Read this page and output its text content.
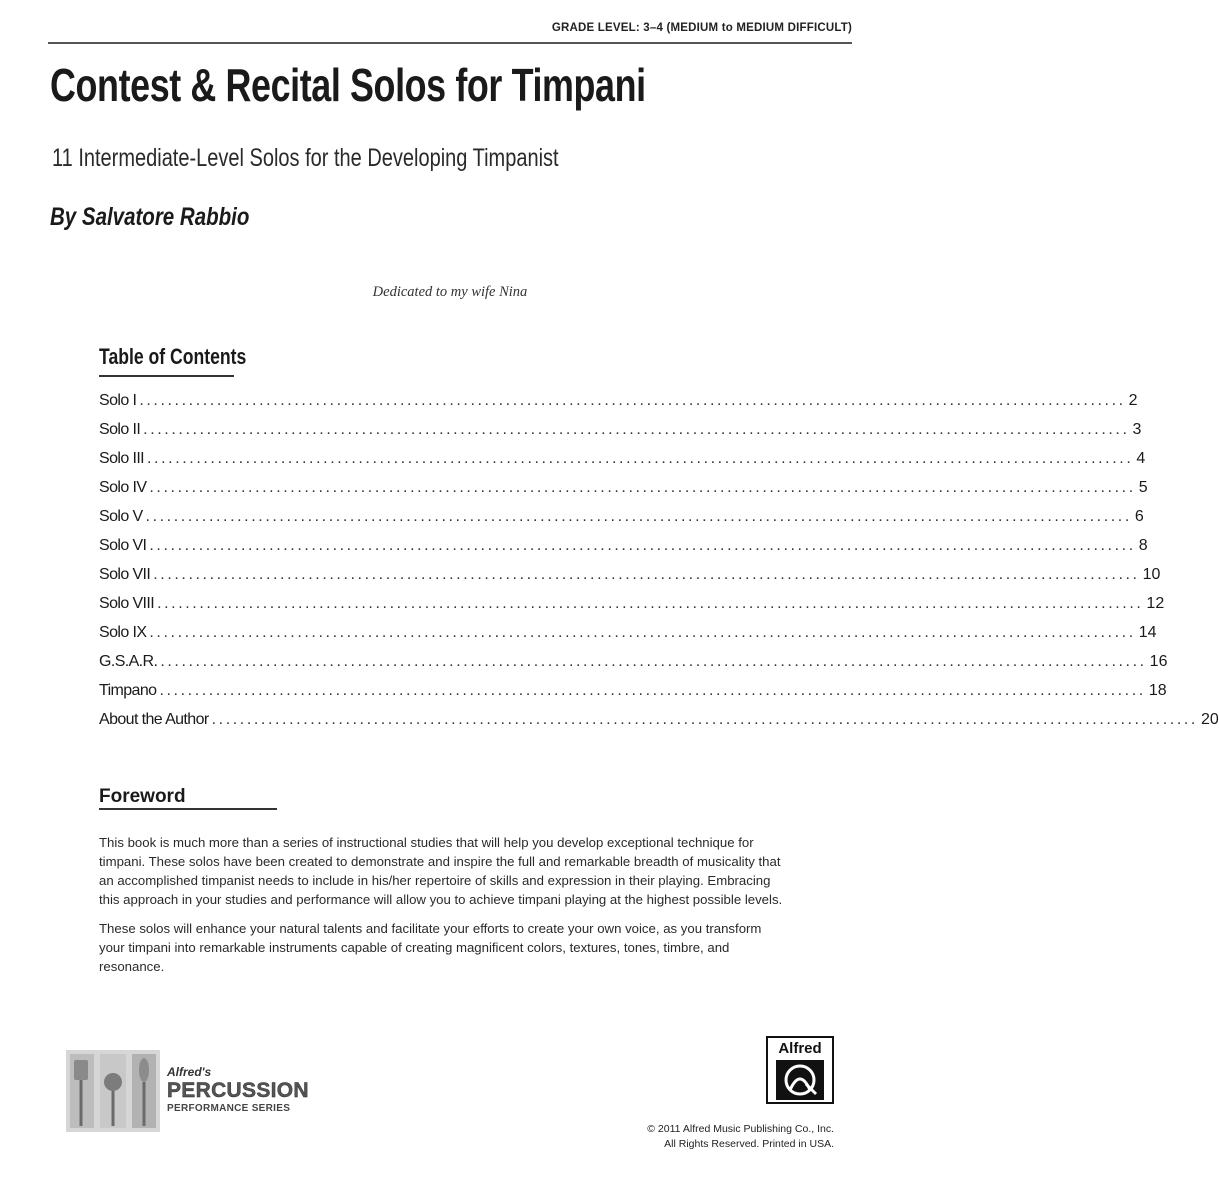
GRADE LEVEL: 3–4 (MEDIUM to MEDIUM DIFFICULT)
Contest & Recital Solos for Timpani
11 Intermediate-Level Solos for the Developing Timpanist
By Salvatore Rabbio
Dedicated to my wife Nina
Table of Contents
Solo I ............................................................................................................................................ 2
Solo II ............................................................................................................................................ 3
Solo III ............................................................................................................................................ 4
Solo IV ............................................................................................................................................ 5
Solo V ............................................................................................................................................ 6
Solo VI ............................................................................................................................................ 8
Solo VII ............................................................................................................................................ 10
Solo VIII ............................................................................................................................................ 12
Solo IX ............................................................................................................................................ 14
G.S.A.R. ............................................................................................................................................ 16
Timpano ............................................................................................................................................ 18
About the Author ............................................................................................................................................ 20
Foreword

This book is much more than a series of instructional studies that will help you develop exceptional technique for timpani. These solos have been created to demonstrate and inspire the full and remarkable breadth of musicality that an accomplished timpanist needs to include in his/her repertoire of skills and expression in their playing. Embracing this approach in your studies and performance will allow you to achieve timpani playing at the highest possible levels.

These solos will enhance your natural talents and facilitate your efforts to create your own voice, as you transform your timpani into remarkable instruments capable of creating magnificent colors, textures, tones, timbre, and resonance.

Alfred's
PERCUSSION
PERFORMANCE SERIES
Alfred
© 2011 Alfred Music Publishing Co., Inc.
All Rights Reserved. Printed in USA.
